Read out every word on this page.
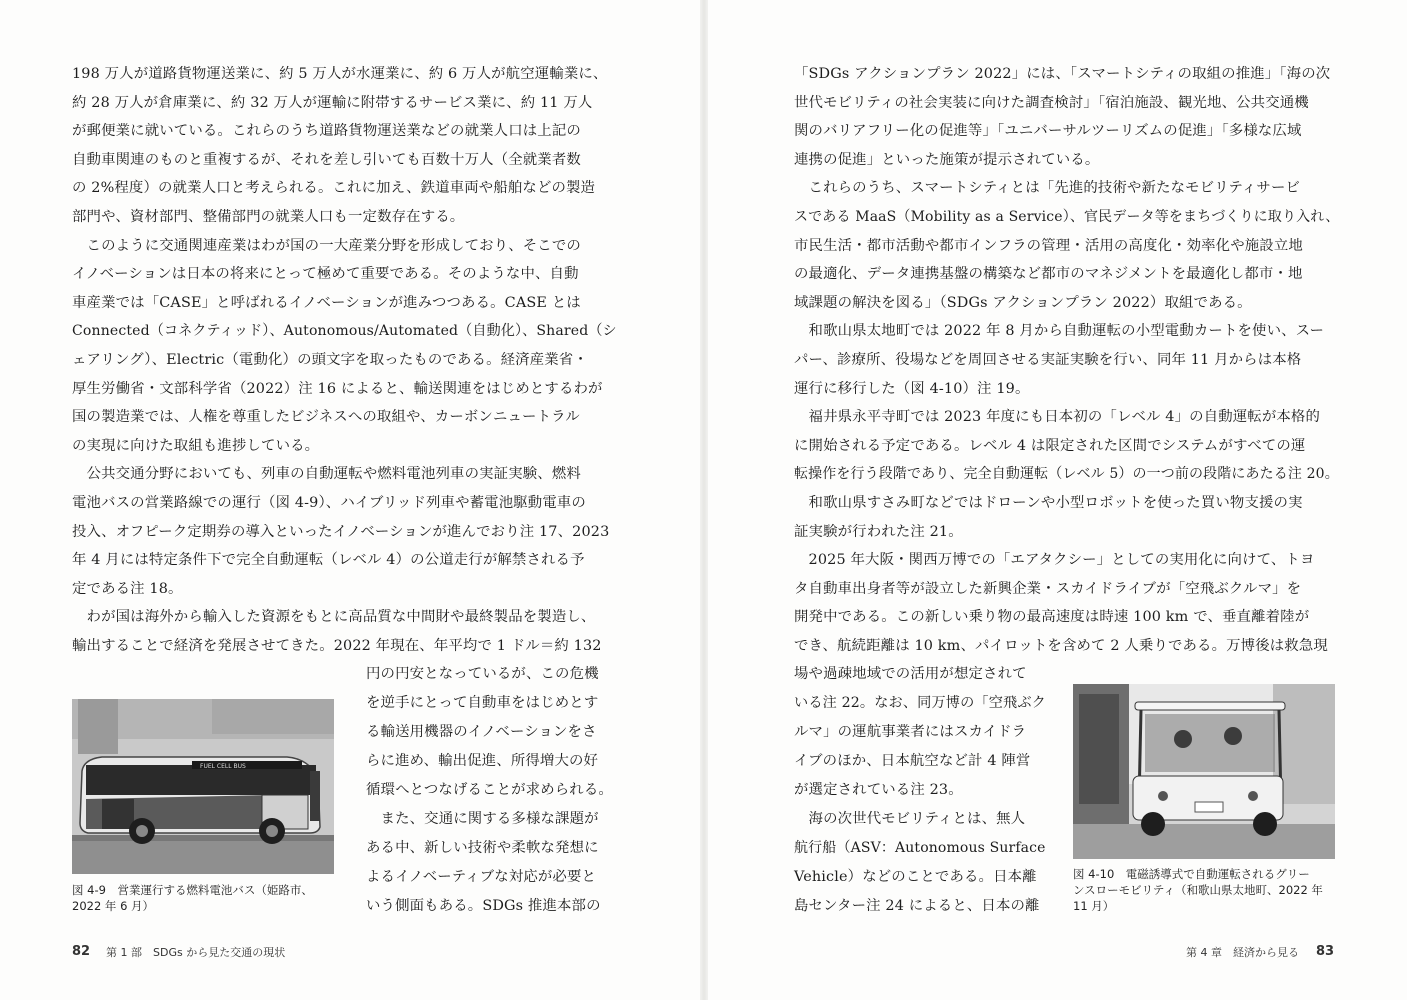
198 万人が道路貨物運送業に、約 5 万人が水運業に、約 6 万人が航空運輸業に、
約 28 万人が倉庫業に、約 32 万人が運輸に附帯するサービス業に、約 11 万人
が郵便業に就いている。これらのうち道路貨物運送業などの就業人口は上記の
自動車関連のものと重複するが、それを差し引いても百数十万人（全就業者数
の 2%程度）の就業人口と考えられる。これに加え、鉄道車両や船舶などの製造
部門や、資材部門、整備部門の就業人口も一定数存在する。
　このように交通関連産業はわが国の一大産業分野を形成しており、そこでの
イノベーションは日本の将来にとって極めて重要である。そのような中、自動
車産業では「CASE」と呼ばれるイノベーションが進みつつある。CASE とは
Connected（コネクティッド）、Autonomous/Automated（自動化）、Shared（シ
ェアリング）、Electric（電動化）の頭文字を取ったものである。経済産業省・
厚生労働省・文部科学省（2022）注 16 によると、輸送関連をはじめとするわが
国の製造業では、人権を尊重したビジネスへの取組や、カーボンニュートラル
の実現に向けた取組も進捗している。
　公共交通分野においても、列車の自動運転や燃料電池列車の実証実験、燃料
電池バスの営業路線での運行（図 4-9）、ハイブリッド列車や蓄電池駆動電車の
投入、オフピーク定期券の導入といったイノベーションが進んでおり注 17、2023
年 4 月には特定条件下で完全自動運転（レベル 4）の公道走行が解禁される予
定である注 18。
　わが国は海外から輸入した資源をもとに高品質な中間財や最終製品を製造し、
輸出することで経済を発展させてきた。2022 年現在、年平均で 1 ドル＝約 132
円の円安となっているが、この危機
を逆手にとって自動車をはじめとす
る輸送用機器のイノベーションをさ
らに進め、輸出促進、所得増大の好
循環へとつなげることが求められる。
　また、交通に関する多様な課題が
ある中、新しい技術や柔軟な発想に
よるイノベーティブな対応が必要と
いう側面もある。SDGs 推進本部の
FUEL CELL BUS
図 4-9　営業運行する燃料電池バス（姫路市、
2022 年 6 月）
82 第 1 部　SDGs から見た交通の現状
「SDGs アクションプラン 2022」には、「スマートシティの取組の推進」「海の次
世代モビリティの社会実装に向けた調査検討」「宿泊施設、観光地、公共交通機
関のバリアフリー化の促進等」「ユニバーサルツーリズムの促進」「多様な広域
連携の促進」といった施策が提示されている。
　これらのうち、スマートシティとは「先進的技術や新たなモビリティサービ
スである MaaS（Mobility as a Service）、官民データ等をまちづくりに取り入れ、
市民生活・都市活動や都市インフラの管理・活用の高度化・効率化や施設立地
の最適化、データ連携基盤の構築など都市のマネジメントを最適化し都市・地
域課題の解決を図る」（SDGs アクションプラン 2022）取組である。
　和歌山県太地町では 2022 年 8 月から自動運転の小型電動カートを使い、スー
パー、診療所、役場などを周回させる実証実験を行い、同年 11 月からは本格
運行に移行した（図 4-10）注 19。
　福井県永平寺町では 2023 年度にも日本初の「レベル 4」の自動運転が本格的
に開始される予定である。レベル 4 は限定された区間でシステムがすべての運
転操作を行う段階であり、完全自動運転（レベル 5）の一つ前の段階にあたる注 20。
　和歌山県すさみ町などではドローンや小型ロボットを使った買い物支援の実
証実験が行われた注 21。
　2025 年大阪・関西万博での「エアタクシー」としての実用化に向けて、トヨ
タ自動車出身者等が設立した新興企業・スカイドライブが「空飛ぶクルマ」を
開発中である。この新しい乗り物の最高速度は時速 100 km で、垂直離着陸が
でき、航続距離は 10 km、パイロットを含めて 2 人乗りである。万博後は救急現
場や過疎地域での活用が想定されて
いる注 22。なお、同万博の「空飛ぶク
ルマ」の運航事業者にはスカイドラ
イブのほか、日本航空など計 4 陣営
が選定されている注 23。
　海の次世代モビリティとは、無人
航行船（ASV：Autonomous Surface
Vehicle）などのことである。日本離
島センター注 24 によると、日本の離
図 4-10　電磁誘導式で自動運転されるグリー
ンスローモビリティ（和歌山県太地町、2022 年
11 月）
第 4 章　経済から見る 83
